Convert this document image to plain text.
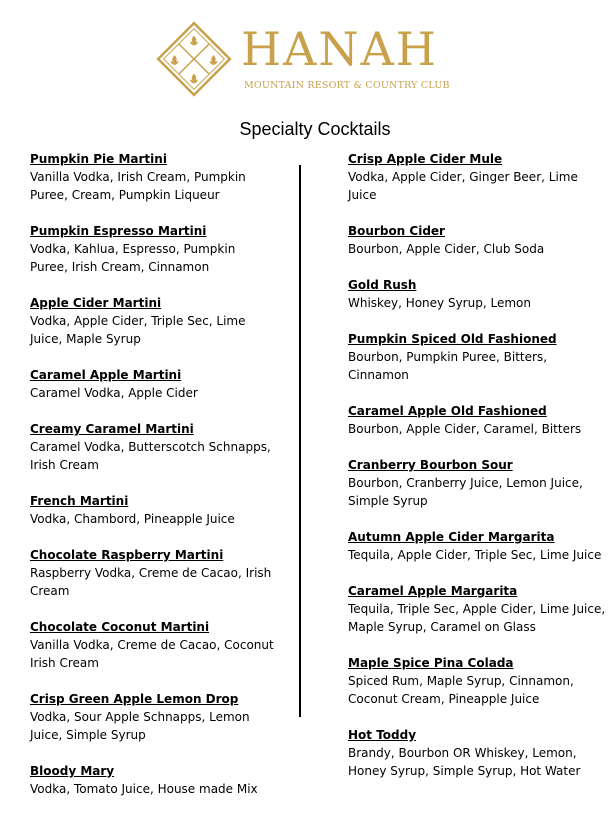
HANAH
MOUNTAIN RESORT & COUNTRY CLUB
Specialty Cocktails
Pumpkin Pie Martini
Vanilla Vodka, Irish Cream, Pumpkin Puree, Cream, Pumpkin Liqueur
Pumpkin Espresso Martini
Vodka, Kahlua, Espresso, Pumpkin Puree, Irish Cream, Cinnamon
Apple Cider Martini
Vodka, Apple Cider, Triple Sec, Lime Juice, Maple Syrup
Caramel Apple Martini
Caramel Vodka, Apple Cider
Creamy Caramel Martini
Caramel Vodka, Butterscotch Schnapps, Irish Cream
French Martini
Vodka, Chambord, Pineapple Juice
Chocolate Raspberry Martini
Raspberry Vodka, Creme de Cacao, Irish Cream
Chocolate Coconut Martini
Vanilla Vodka, Creme de Cacao, Coconut Irish Cream
Crisp Green Apple Lemon Drop
Vodka, Sour Apple Schnapps, Lemon Juice, Simple Syrup
Bloody Mary
Vodka, Tomato Juice, House made Mix
Crisp Apple Cider Mule
Vodka, Apple Cider, Ginger Beer, Lime Juice
Bourbon Cider
Bourbon, Apple Cider, Club Soda
Gold Rush
Whiskey, Honey Syrup, Lemon
Pumpkin Spiced Old Fashioned
Bourbon, Pumpkin Puree, Bitters, Cinnamon
Caramel Apple Old Fashioned
Bourbon, Apple Cider, Caramel, Bitters
Cranberry Bourbon Sour
Bourbon, Cranberry Juice, Lemon Juice, Simple Syrup
Autumn Apple Cider Margarita
Tequila, Apple Cider, Triple Sec, Lime Juice
Caramel Apple Margarita
Tequila, Triple Sec, Apple Cider, Lime Juice, Maple Syrup, Caramel on Glass
Maple Spice Pina Colada
Spiced Rum, Maple Syrup, Cinnamon, Coconut Cream, Pineapple Juice
Hot Toddy
Brandy, Bourbon OR Whiskey, Lemon, Honey Syrup, Simple Syrup, Hot Water
